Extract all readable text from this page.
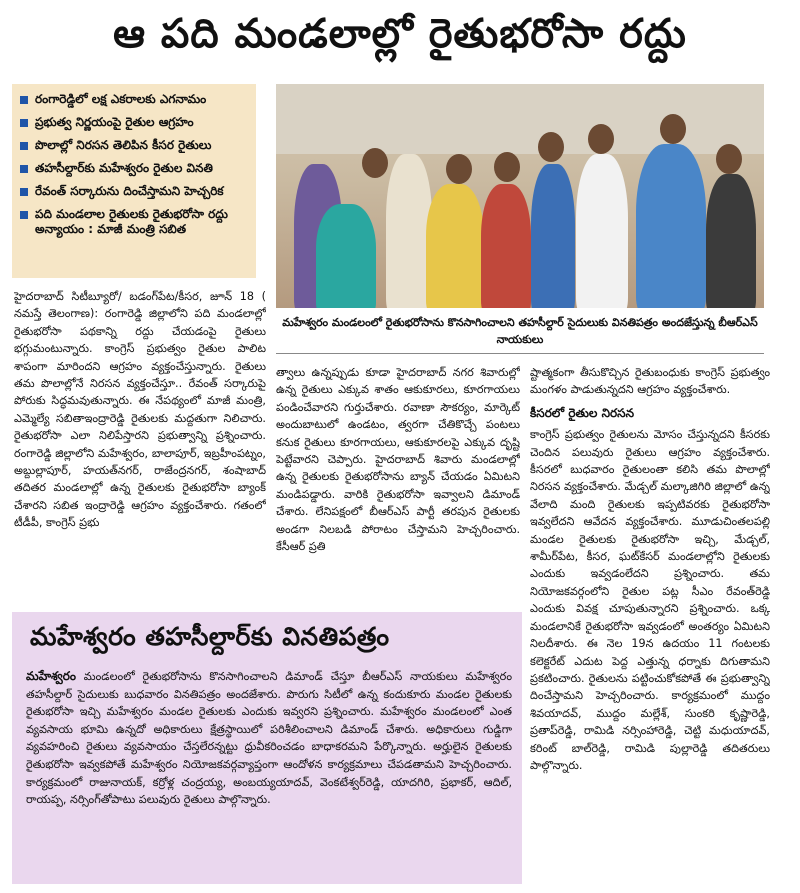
ఆ పది మండలాల్లో రైతుభరోసా రద్దు
రంగారెడ్డిలో లక్ష ఎకరాలకు ఎగనామం
ప్రభుత్వ నిర్ణయంపై రైతుల ఆగ్రహం
పొలాల్లో నిరసన తెలిపిన కీసర రైతులు
తహసీల్దార్‌కు మహేశ్వరం రైతుల వినతి
రేవంత్ సర్కారును దించేస్తామని హెచ్చరిక
పది మండలాల రైతులకు రైతుభరోసా రద్దు అన్యాయం : మాజీ మంత్రి సబిత
మహేశ్వరం మండలంలో రైతుభరోసాను కొనసాగించాలని తహసీల్దార్ సైదులుకు వినతిపత్రం అందజేస్తున్న బీఆర్ఎస్ నాయకులు

హైదరాబాద్ సిటీబ్యూరో/ బడంగ్‌పేట/కీసర, జూన్ 18 ( నమస్తే తెలంగాణ): రంగారెడ్డి జిల్లాలోని పది మండలాల్లో రైతుభరోసా పథకాన్ని రద్దు చేయడంపై రైతులు భగ్గుమంటున్నారు. కాంగ్రెస్ ప్రభుత్వం రైతుల పాలిట శాపంగా మారిందని ఆగ్రహం వ్యక్తంచేస్తున్నారు. రైతులు తమ పొలాల్లోనే నిరసన వ్యక్తంచేస్తూ.. రేవంత్ సర్కారుపై పోరుకు సిద్ధమవుతున్నారు. ఈ నేపథ్యంలో మాజీ మంత్రి, ఎమ్మెల్యే సబితాఇంద్రారెడ్డి రైతులకు మద్దతుగా నిలిచారు. రైతుభరోసా ఎలా నిలిపేస్తారని ప్రభుత్వాన్ని ప్రశ్నించారు. రంగారెడ్డి జిల్లాలోని మహేశ్వరం, బాలాపూర్, ఇబ్రహీంపట్నం, అబ్దుల్లాపూర్, హయత్‌నగర్, రాజేంద్రనగర్, శంషాబాద్ తదితర మండలాల్లో ఉన్న రైతులకు రైతుభరోసా బ్యాంక్ చేశారని సబిత ఇంద్రారెడ్డి ఆగ్రహం వ్యక్తంచేశారు. గతంలో టీడీపీ, కాంగ్రెస్ ప్రభు

త్వాలు ఉన్నప్పుడు కూడా హైదరాబాద్ నగర శివారుల్లో ఉన్న రైతులు ఎక్కువ శాతం ఆకుకూరలు, కూరగాయలు పండించేవారని గుర్తుచేశారు. రవాణా సౌకర్యం, మార్కెట్ అందుబాటులో ఉండటం, త్వరగా చేతికొచ్చే పంటలు కనుక రైతులు కూరగాయలు, ఆకుకూరలపై ఎక్కువ దృష్టి పెట్టేవారని చెప్పారు. హైదరాబాద్ శివారు మండలాల్లో ఉన్న రైతులకు రైతుభరోసాను బ్యాన్ చేయడం ఏమిటని మండిపడ్డారు. వారికి రైతుభరోసా ఇవ్వాలని డిమాండ్ చేశారు. లేనిపక్షంలో బీఆర్ఎస్ పార్టీ తరపున రైతులకు అండగా నిలబడి పోరాటం చేస్తామని హెచ్చరించారు. కేసీఆర్ ప్రతి

ష్టాత్మకంగా తీసుకొచ్చిన రైతుబంధుకు కాంగ్రెస్ ప్రభుత్వం మంగళం పాడుతున్నదని ఆగ్రహం వ్యక్తంచేశారు.

కీసరలో రైతుల నిరసన

కాంగ్రెస్ ప్రభుత్వం రైతులను మోసం చేస్తున్నదని కీసరకు చెందిన పలువురు రైతులు ఆగ్రహం వ్యక్తంచేశారు. కీసరలో బుధవారం రైతులంతా కలిసి తమ పొలాల్లో నిరసన వ్యక్తంచేశారు. మేడ్చల్ మల్కాజిగిరి జిల్లాలో ఉన్న వేలాది మంది రైతులకు ఇప్పటివరకు రైతుభరోసా ఇవ్వలేదని ఆవేదన వ్యక్తంచేశారు. మూడుచింతలపల్లి మండల రైతులకు రైతుభరోసా ఇచ్చి, మేడ్చల్, శామీర్‌పేట, కీసర, ఘట్‌కేసర్ మండలాల్లోని రైతులకు ఎందుకు ఇవ్వడంలేదని ప్రశ్నించారు. తమ నియోజకవర్గంలోని రైతుల పట్ల సీఎం రేవంత్‌రెడ్డి ఎందుకు వివక్ష చూపుతున్నారని ప్రశ్నించారు. ఒక్క మండలానికే రైతుభరోసా ఇవ్వడంలో అంతర్యం ఏమిటని నిలదీశారు. ఈ నెల 19న ఉదయం 11 గంటలకు కలెక్టరేట్ ఎదుట పెద్ద ఎత్తున్న ధర్నాకు దిగుతామని ప్రకటించారు. రైతులను పట్టించుకోకపోతే ఈ ప్రభుత్వాన్ని దించేస్తామని హెచ్చరించారు. కార్యక్రమంలో ముద్దం శివయాదవ్, ముద్దం మల్లేశ్, సుంకరి కృష్ణారెడ్డి, ప్రతాప్‌రెడ్డి, రామిడి నర్సింహారెడ్డి, చెట్టి మధుయాదవ్, కరింట్ బాల్‌రెడ్డి, రామిడి పుల్లారెడ్డి తదితరులు పాల్గొన్నారు.

మహేశ్వరం తహసీల్దార్‌కు వినతిపత్రం
మహేశ్వరం మండలంలో రైతుభరోసాను కొనసాగించాలని డిమాండ్ చేస్తూ బీఆర్ఎస్ నాయకులు మహేశ్వరం తహసీల్దార్ సైదులుకు బుధవారం వినతిపత్రం అందజేశారు. పొరుగు సిటీలో ఉన్న కందుకూరు మండల రైతులకు రైతుభరోసా ఇచ్చి మహేశ్వరం మండల రైతులకు ఎందుకు ఇవ్వరని ప్రశ్నించారు. మహేశ్వరం మండలంలో ఎంత వ్యవసాయ భూమి ఉన్నదో అధికారులు క్షేత్రస్థాయిలో పరిశీలించాలని డిమాండ్ చేశారు. అధికారులు గుడ్డిగా వ్యవహరించి రైతులు వ్యవసాయం చేస్తలేరన్నట్టు ధ్రువీకరించడం బాధాకరమని పేర్కొన్నారు. అర్హులైన రైతులకు రైతుభరోసా ఇవ్వకపోతే మహేశ్వరం నియోజకవర్గవ్యాప్తంగా ఆందోళన కార్యక్రమాలు చేపడతామని హెచ్చరించారు. కార్యక్రమంలో రాజునాయక్, కర్రోళ్ల చంద్రయ్య, అంబయ్యయాదవ్, వెంకటేశ్వర్‌రెడ్డి, యాదగిరి, ప్రభాకర్, ఆదిల్, రాయప్ప, నర్సింగ్‌తోపాటు పలువురు రైతులు పాల్గొన్నారు.
